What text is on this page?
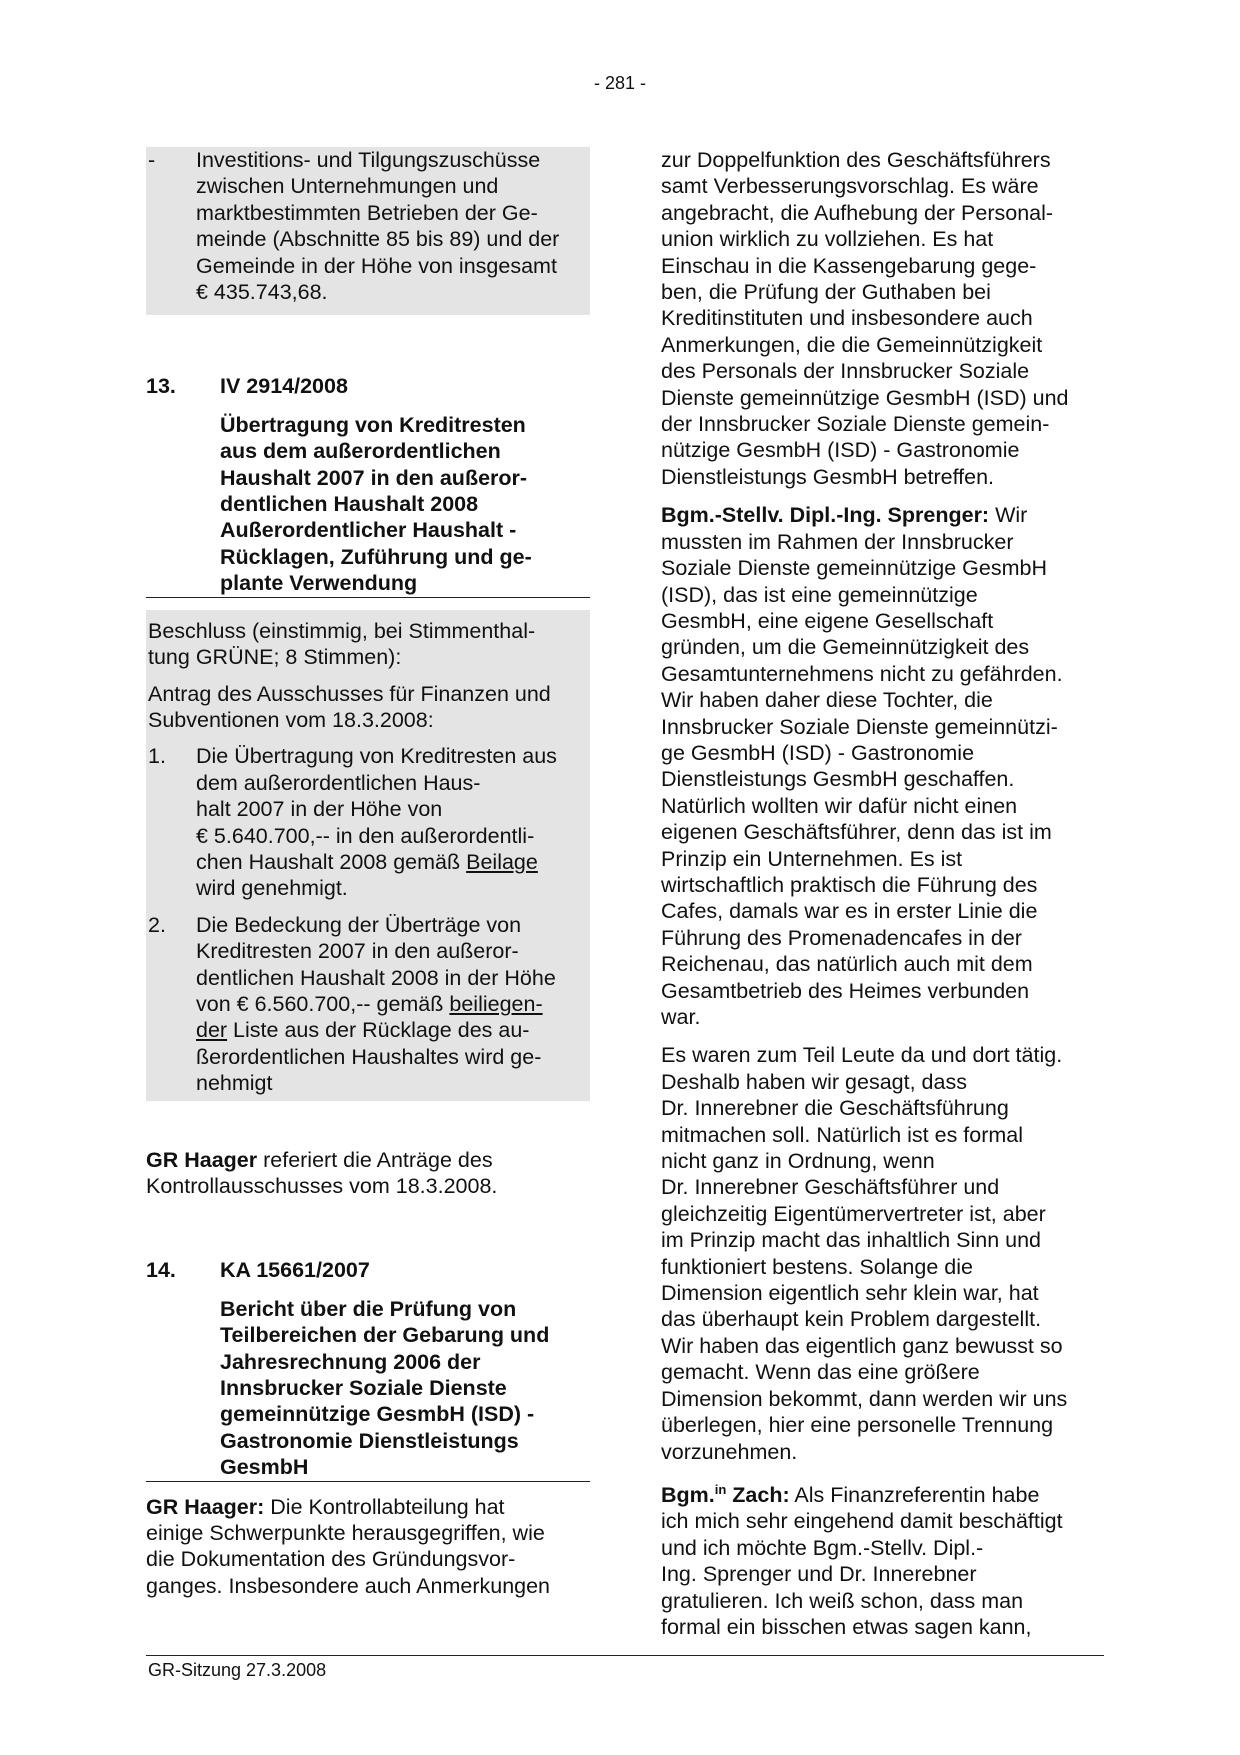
- 281 -
-	Investitions- und Tilgungszuschüsse
zwischen Unternehmungen und
marktbestimmten Betrieben der Ge-
meinde (Abschnitte 85 bis 89) und der
Gemeinde in der Höhe von insgesamt
€ 435.743,68.
13.	IV 2914/2008
Übertragung von Kreditresten
aus dem außerordentlichen
Haushalt 2007 in den außeror-
dentlichen Haushalt 2008
Außerordentlicher Haushalt -
Rücklagen, Zuführung und ge-
plante Verwendung

Beschluss (einstimmig, bei Stimmenthal-
tung GRÜNE; 8 Stimmen):

Antrag des Ausschusses für Finanzen und
Subventionen vom 18.3.2008:

1.	Die Übertragung von Kreditresten aus
dem außerordentlichen Haus-
halt 2007 in der Höhe von
€ 5.640.700,-- in den außerordentli-
chen Haushalt 2008 gemäß Beilage
wird genehmigt.
2.	Die Bedeckung der Überträge von
Kreditresten 2007 in den außeror-
dentlichen Haushalt 2008 in der Höhe
von € 6.560.700,-- gemäß beiliegen-
der Liste aus der Rücklage des au-
ßerordentlichen Haushaltes wird ge-
nehmigt

GR Haager referiert die Anträge des
Kontrollausschusses vom 18.3.2008.

14.	KA 15661/2007
Bericht über die Prüfung von
Teilbereichen der Gebarung und
Jahresrechnung 2006 der
Innsbrucker Soziale Dienste
gemeinnützige GesmbH (ISD) -
Gastronomie Dienstleistungs
GesmbH

GR Haager: Die Kontrollabteilung hat
einige Schwerpunkte herausgegriffen, wie
die Dokumentation des Gründungsvor-
ganges. Insbesondere auch Anmerkungen

zur Doppelfunktion des Geschäftsführers
samt Verbesserungsvorschlag. Es wäre
angebracht, die Aufhebung der Personal-
union wirklich zu vollziehen. Es hat
Einschau in die Kassengebarung gege-
ben, die Prüfung der Guthaben bei
Kreditinstituten und insbesondere auch
Anmerkungen, die die Gemeinnützigkeit
des Personals der Innsbrucker Soziale
Dienste gemeinnützige GesmbH (ISD) und
der Innsbrucker Soziale Dienste gemein-
nützige GesmbH (ISD) - Gastronomie
Dienstleistungs GesmbH betreffen.

Bgm.-Stellv. Dipl.-Ing. Sprenger: Wir
mussten im Rahmen der Innsbrucker
Soziale Dienste gemeinnützige GesmbH
(ISD), das ist eine gemeinnützige
GesmbH, eine eigene Gesellschaft
gründen, um die Gemeinnützigkeit des
Gesamtunternehmens nicht zu gefährden.
Wir haben daher diese Tochter, die
Innsbrucker Soziale Dienste gemeinnützi-
ge GesmbH (ISD) - Gastronomie
Dienstleistungs GesmbH geschaffen.
Natürlich wollten wir dafür nicht einen
eigenen Geschäftsführer, denn das ist im
Prinzip ein Unternehmen. Es ist
wirtschaftlich praktisch die Führung des
Cafes, damals war es in erster Linie die
Führung des Promenadencafes in der
Reichenau, das natürlich auch mit dem
Gesamtbetrieb des Heimes verbunden
war.

Es waren zum Teil Leute da und dort tätig.
Deshalb haben wir gesagt, dass
Dr. Innerebner die Geschäftsführung
mitmachen soll. Natürlich ist es formal
nicht ganz in Ordnung, wenn
Dr. Innerebner Geschäftsführer und
gleichzeitig Eigentümervertreter ist, aber
im Prinzip macht das inhaltlich Sinn und
funktioniert bestens. Solange die
Dimension eigentlich sehr klein war, hat
das überhaupt kein Problem dargestellt.
Wir haben das eigentlich ganz bewusst so
gemacht. Wenn das eine größere
Dimension bekommt, dann werden wir uns
überlegen, hier eine personelle Trennung
vorzunehmen.

Bgm.$^{in}$ Zach: Als Finanzreferentin habe
ich mich sehr eingehend damit beschäftigt
und ich möchte Bgm.-Stellv. Dipl.-
Ing. Sprenger und Dr. Innerebner
gratulieren. Ich weiß schon, dass man
formal ein bisschen etwas sagen kann,

GR-Sitzung 27.3.2008
